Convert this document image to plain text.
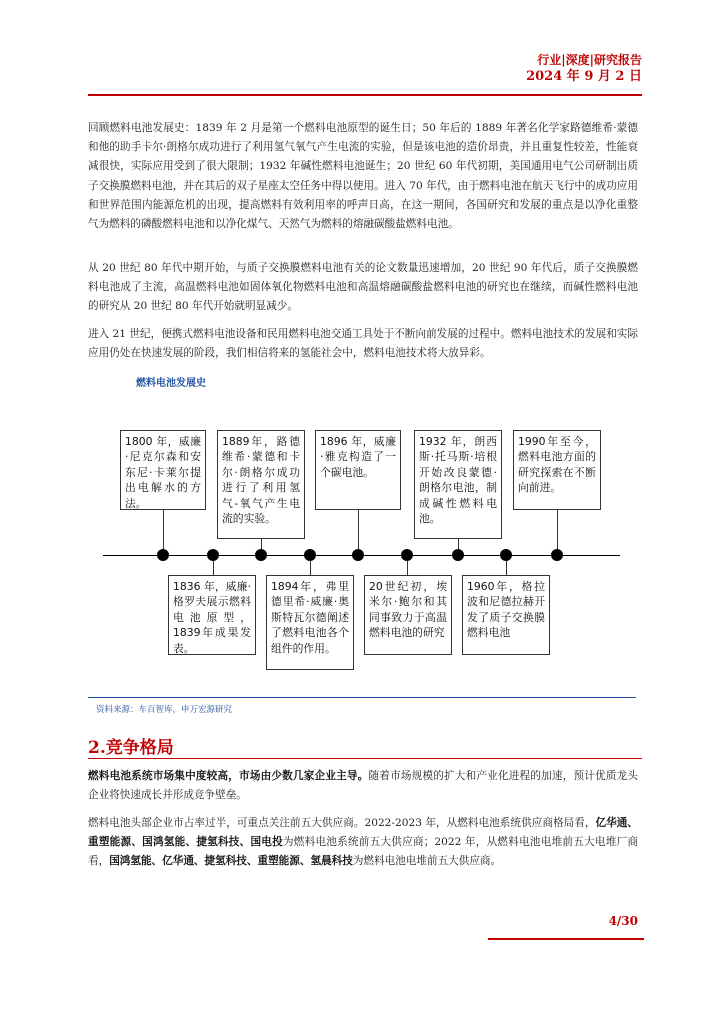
行业|深度|研究报告
2024 年 9 月 2 日

回顾燃料电池发展史：1839 年 2 月是第一个燃料电池原型的诞生日；50 年后的 1889 年著名化学家路德维希·蒙德和他的助手卡尔·朗格尔成功进行了利用氢气氧气产生电流的实验，但是该电池的造价昂贵，并且重复性较差，性能衰减很快，实际应用受到了很大限制；1932 年碱性燃料电池诞生；20 世纪 60 年代初期，美国通用电气公司研制出质子交换膜燃料电池，并在其后的双子星座太空任务中得以使用。进入 70 年代，由于燃料电池在航天飞行中的成功应用和世界范围内能源危机的出现，提高燃料有效利用率的呼声日高，在这一期间，各国研究和发展的重点是以净化重整气为燃料的磷酸燃料电池和以净化煤气、天然气为燃料的熔融碳酸盐燃料电池。

从 20 世纪 80 年代中期开始，与质子交换膜燃料电池有关的论文数量迅速增加，20 世纪 90 年代后，质子交换膜燃料电池成了主流，高温燃料电池如固体氧化物燃料电池和高温熔融碳酸盐燃料电池的研究也在继续，而碱性燃料电池的研究从 20 世纪 80 年代开始就明显减少。

进入 21 世纪，便携式燃料电池设备和民用燃料电池交通工具处于不断向前发展的过程中。燃料电池技术的发展和实际应用仍处在快速发展的阶段，我们相信将来的氢能社会中，燃料电池技术将大放异彩。

燃料电池发展史
1800 年，威廉·尼克尔森和安东尼·卡莱尔提出电解水的方法。
1889年，路德维希·蒙德和卡尔·朗格尔成功进行了利用氢气-氧气产生电流的实验。
1896 年，威廉·雅克构造了一个碳电池。
1932 年，朗西斯·托马斯·培根开始改良蒙德·朗格尔电池，制成碱性燃料电池。
1990年至今，燃料电池方面的研究探索在不断向前进。
1836 年，威廉·格罗夫展示燃料电池原型，1839年成果发表。
1894年，弗里德里希·威廉·奥斯特瓦尔德阐述了燃料电池各个组件的作用。
20世纪初，埃米尔·鲍尔和其同事致力于高温燃料电池的研究
1960年，格拉波和尼德拉赫开发了质子交换膜燃料电池
资料来源：车百智库，申万宏源研究
2.竞争格局

燃料电池系统市场集中度较高，市场由少数几家企业主导。随着市场规模的扩大和产业化进程的加速，预计优质龙头企业将快速成长并形成竞争壁垒。

燃料电池头部企业市占率过半，可重点关注前五大供应商。2022-2023 年，从燃料电池系统供应商格局看，亿华通、重塑能源、国鸿氢能、捷氢科技、国电投为燃料电池系统前五大供应商；2022 年，从燃料电池电堆前五大电堆厂商看，国鸿氢能、亿华通、捷氢科技、重塑能源、氢晨科技为燃料电池电堆前五大供应商。

4/30
